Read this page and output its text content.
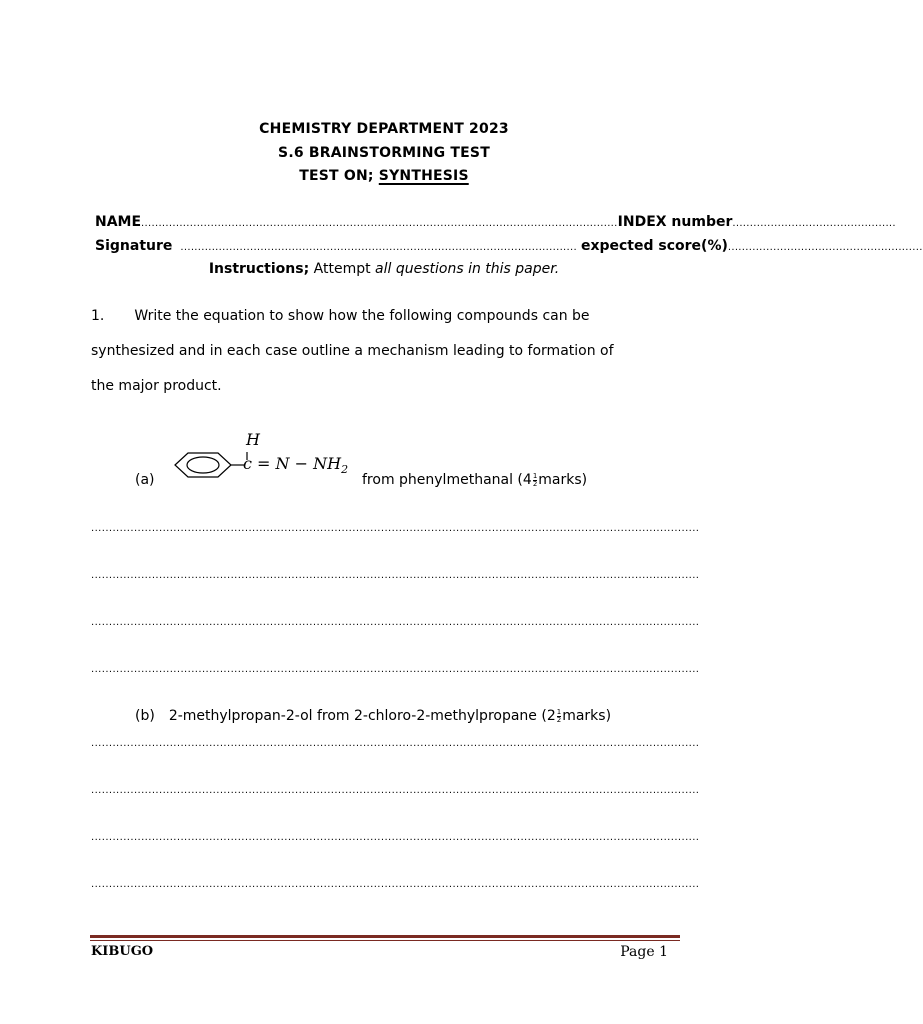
CHEMISTRY DEPARTMENT 2023
S.6 BRAINSTORMING TEST
TEST ON; SYNTHESIS
NAME ......................................................................................................................................... INDEX number ...............................................
Signature .................................................................................................................. expected score(%) ........................................................
Instructions; Attempt all questions in this paper.
1. Write the equation to show how the following compounds can be
synthesized and in each case outline a mechanism leading to formation of
the major product.
(a)
H
$c = N - NH_2$
from phenylmethanal ($4 \frac{1}{2}$ marks)
..........................................................................................................................................................................
..........................................................................................................................................................................
..........................................................................................................................................................................
..........................................................................................................................................................................
(b) 2-methylpropan-2-ol from 2-chloro-2-methylpropane ($2 \frac{1}{2}$ marks)
..........................................................................................................................................................................
..........................................................................................................................................................................
..........................................................................................................................................................................
..........................................................................................................................................................................
KIBUGO	Page 1
